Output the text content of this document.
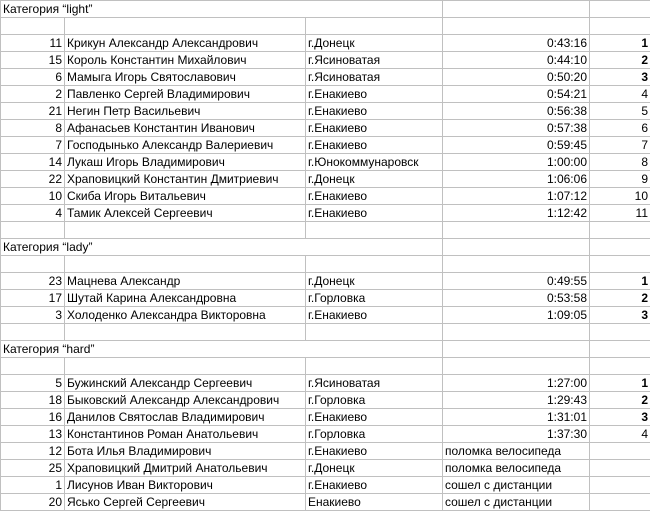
Категория “light”				

11	Крикун Александр Александрович	г.Донецк	0:43:16	1
15	Король Константин Михайлович	г.Ясиноватая	0:44:10	2
6	Мамыга Игорь Святославович	г.Ясиноватая	0:50:20	3
2	Павленко Сергей Владимирович	г.Енакиево	0:54:21	4
21	Негин Петр Васильевич	г.Енакиево	0:56:38	5
8	Афанасьев Константин Иванович	г.Енакиево	0:57:38	6
7	Господынько Александр Валериевич	г.Енакиево	0:59:45	7
14	Лукаш Игорь Владимирович	г.Юнокоммунаровск	1:00:00	8
22	Храповицкий Константин Дмитриевич	г.Донецк	1:06:06	9
10	Скиба Игорь Витальевич	г.Енакиево	1:07:12	10
4	Тамик Алексей Сергеевич	г.Енакиево	1:12:42	11

Категория “lady”				

23	Мацнева Александр	г.Донецк	0:49:55	1
17	Шутай Карина Александровна	г.Горловка	0:53:58	2
3	Холоденко Александра Викторовна	г.Енакиево	1:09:05	3

Категория “hard”				

5	Бужинский Александр Сергеевич	г.Ясиноватая	1:27:00	1
18	Быковский Александр Александрович	г.Горловка	1:29:43	2
16	Данилов Святослав Владимирович	г.Енакиево	1:31:01	3
13	Константинов Роман Анатольевич	г.Горловка	1:37:30	4
12	Бота Илья Владимирович	г.Енакиево	поломка велосипеда	
25	Храповицкий Дмитрий Анатольевич	г.Донецк	поломка велосипеда	
1	Лисунов Иван Викторович	г.Енакиево	сошел с дистанции	
20	Ясько Сергей Сергеевич	Енакиево	сошел с дистанции	
